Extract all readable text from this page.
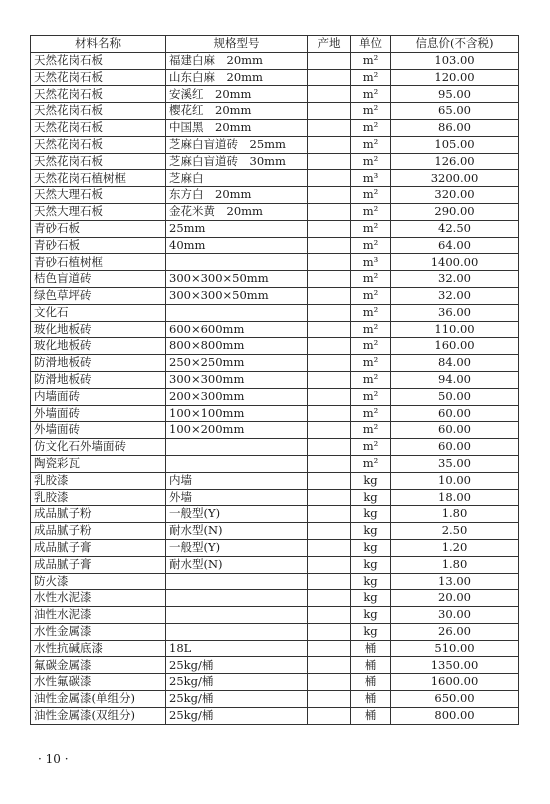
材料名称	规格型号	产地	单位	信息价(不含税)
天然花岗石板	福建白麻　20mm		m²	103.00
天然花岗石板	山东白麻　20mm		m²	120.00
天然花岗石板	安溪红　20mm		m²	95.00
天然花岗石板	樱花红　20mm		m²	65.00
天然花岗石板	中国黑　20mm		m²	86.00
天然花岗石板	芝麻白盲道砖　25mm		m²	105.00
天然花岗石板	芝麻白盲道砖　30mm		m²	126.00
天然花岗石植树框	芝麻白		m³	3200.00
天然大理石板	东方白　20mm		m²	320.00
天然大理石板	金花米黄　20mm		m²	290.00
青砂石板	25mm		m²	42.50
青砂石板	40mm		m²	64.00
青砂石植树框			m³	1400.00
桔色盲道砖	300×300×50mm		m²	32.00
绿色草坪砖	300×300×50mm		m²	32.00
文化石			m²	36.00
玻化地板砖	600×600mm		m²	110.00
玻化地板砖	800×800mm		m²	160.00
防滑地板砖	250×250mm		m²	84.00
防滑地板砖	300×300mm		m²	94.00
内墙面砖	200×300mm		m²	50.00
外墙面砖	100×100mm		m²	60.00
外墙面砖	100×200mm		m²	60.00
仿文化石外墙面砖			m²	60.00
陶瓷彩瓦			m²	35.00
乳胶漆	内墙		kg	10.00
乳胶漆	外墙		kg	18.00
成品腻子粉	一般型(Y)		kg	1.80
成品腻子粉	耐水型(N)		kg	2.50
成品腻子膏	一般型(Y)		kg	1.20
成品腻子膏	耐水型(N)		kg	1.80
防火漆			kg	13.00
水性水泥漆			kg	20.00
油性水泥漆			kg	30.00
水性金属漆			kg	26.00
水性抗碱底漆	18L		桶	510.00
氟碳金属漆	25kg/桶		桶	1350.00
水性氟碳漆	25kg/桶		桶	1600.00
油性金属漆(单组分)	25kg/桶		桶	650.00
油性金属漆(双组分)	25kg/桶		桶	800.00
· 10 ·
